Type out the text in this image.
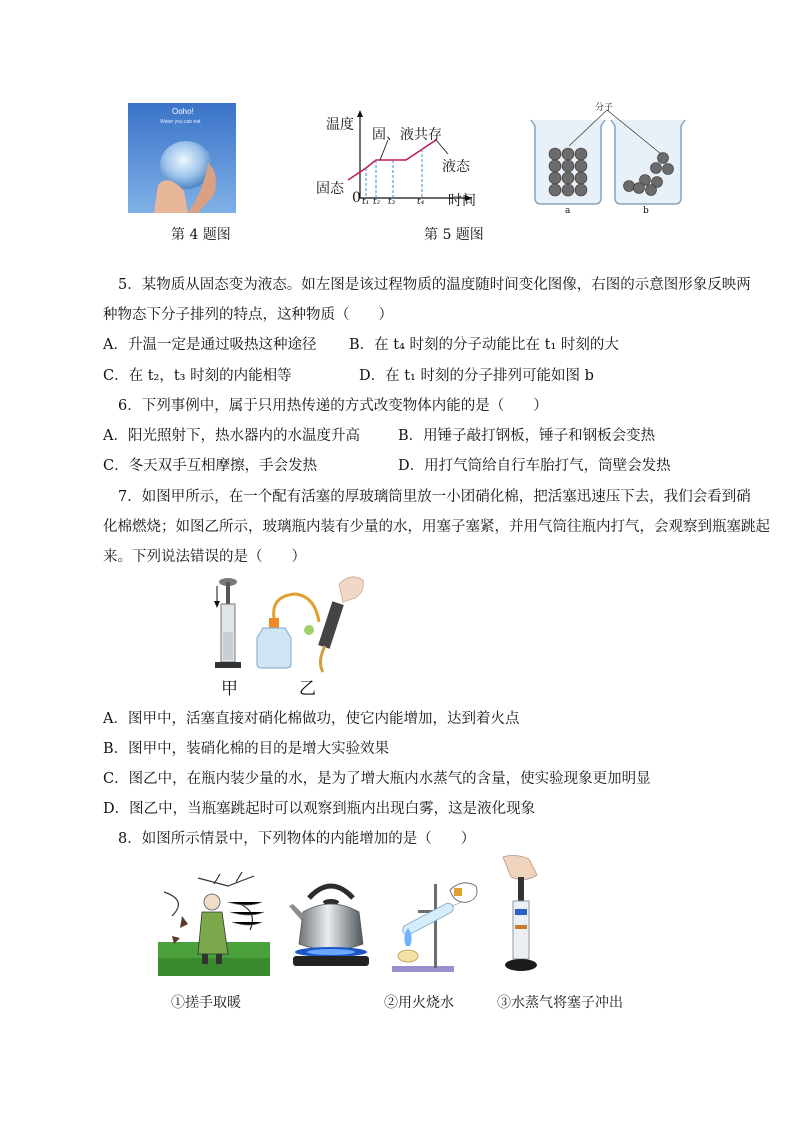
Ooho!
Water you can eat	温度
固、液共存
液态
固态
0 t₁ t₂ t₃ t₄ 时间
分子
a	b
第 4 题图	第 5 题图
5．某物质从固态变为液态。如左图是该过程物质的温度随时间变化图像，右图的示意图形象反映两
种物态下分子排列的特点，这种物质（　　）
A．升温一定是通过吸热这种途径 B．在 t₄ 时刻的分子动能比在 t₁ 时刻的大
C．在 t₂，t₃ 时刻的内能相等	D．在 t₁ 时刻的分子排列可能如图 b
6．下列事例中，属于只用热传递的方式改变物体内能的是（　　）
A．阳光照射下，热水器内的水温度升高	B．用锤子敲打钢板，锤子和钢板会变热
C．冬天双手互相摩擦，手会发热	D．用打气筒给自行车胎打气，筒壁会发热
7．如图甲所示，在一个配有活塞的厚玻璃筒里放一小团硝化棉，把活塞迅速压下去，我们会看到硝
化棉燃烧；如图乙所示，玻璃瓶内装有少量的水，用塞子塞紧，并用气筒往瓶内打气，会观察到瓶塞跳起
来。下列说法错误的是（　　）
甲	乙
A．图甲中，活塞直接对硝化棉做功，使它内能增加，达到着火点
B．图甲中，装硝化棉的目的是增大实验效果
C．图乙中，在瓶内装少量的水，是为了增大瓶内水蒸气的含量，使实验现象更加明显
D．图乙中，当瓶塞跳起时可以观察到瓶内出现白雾，这是液化现象
8．如图所示情景中，下列物体的内能增加的是（　　）
①搓手取暖	②用火烧水	③水蒸气将塞子冲出
